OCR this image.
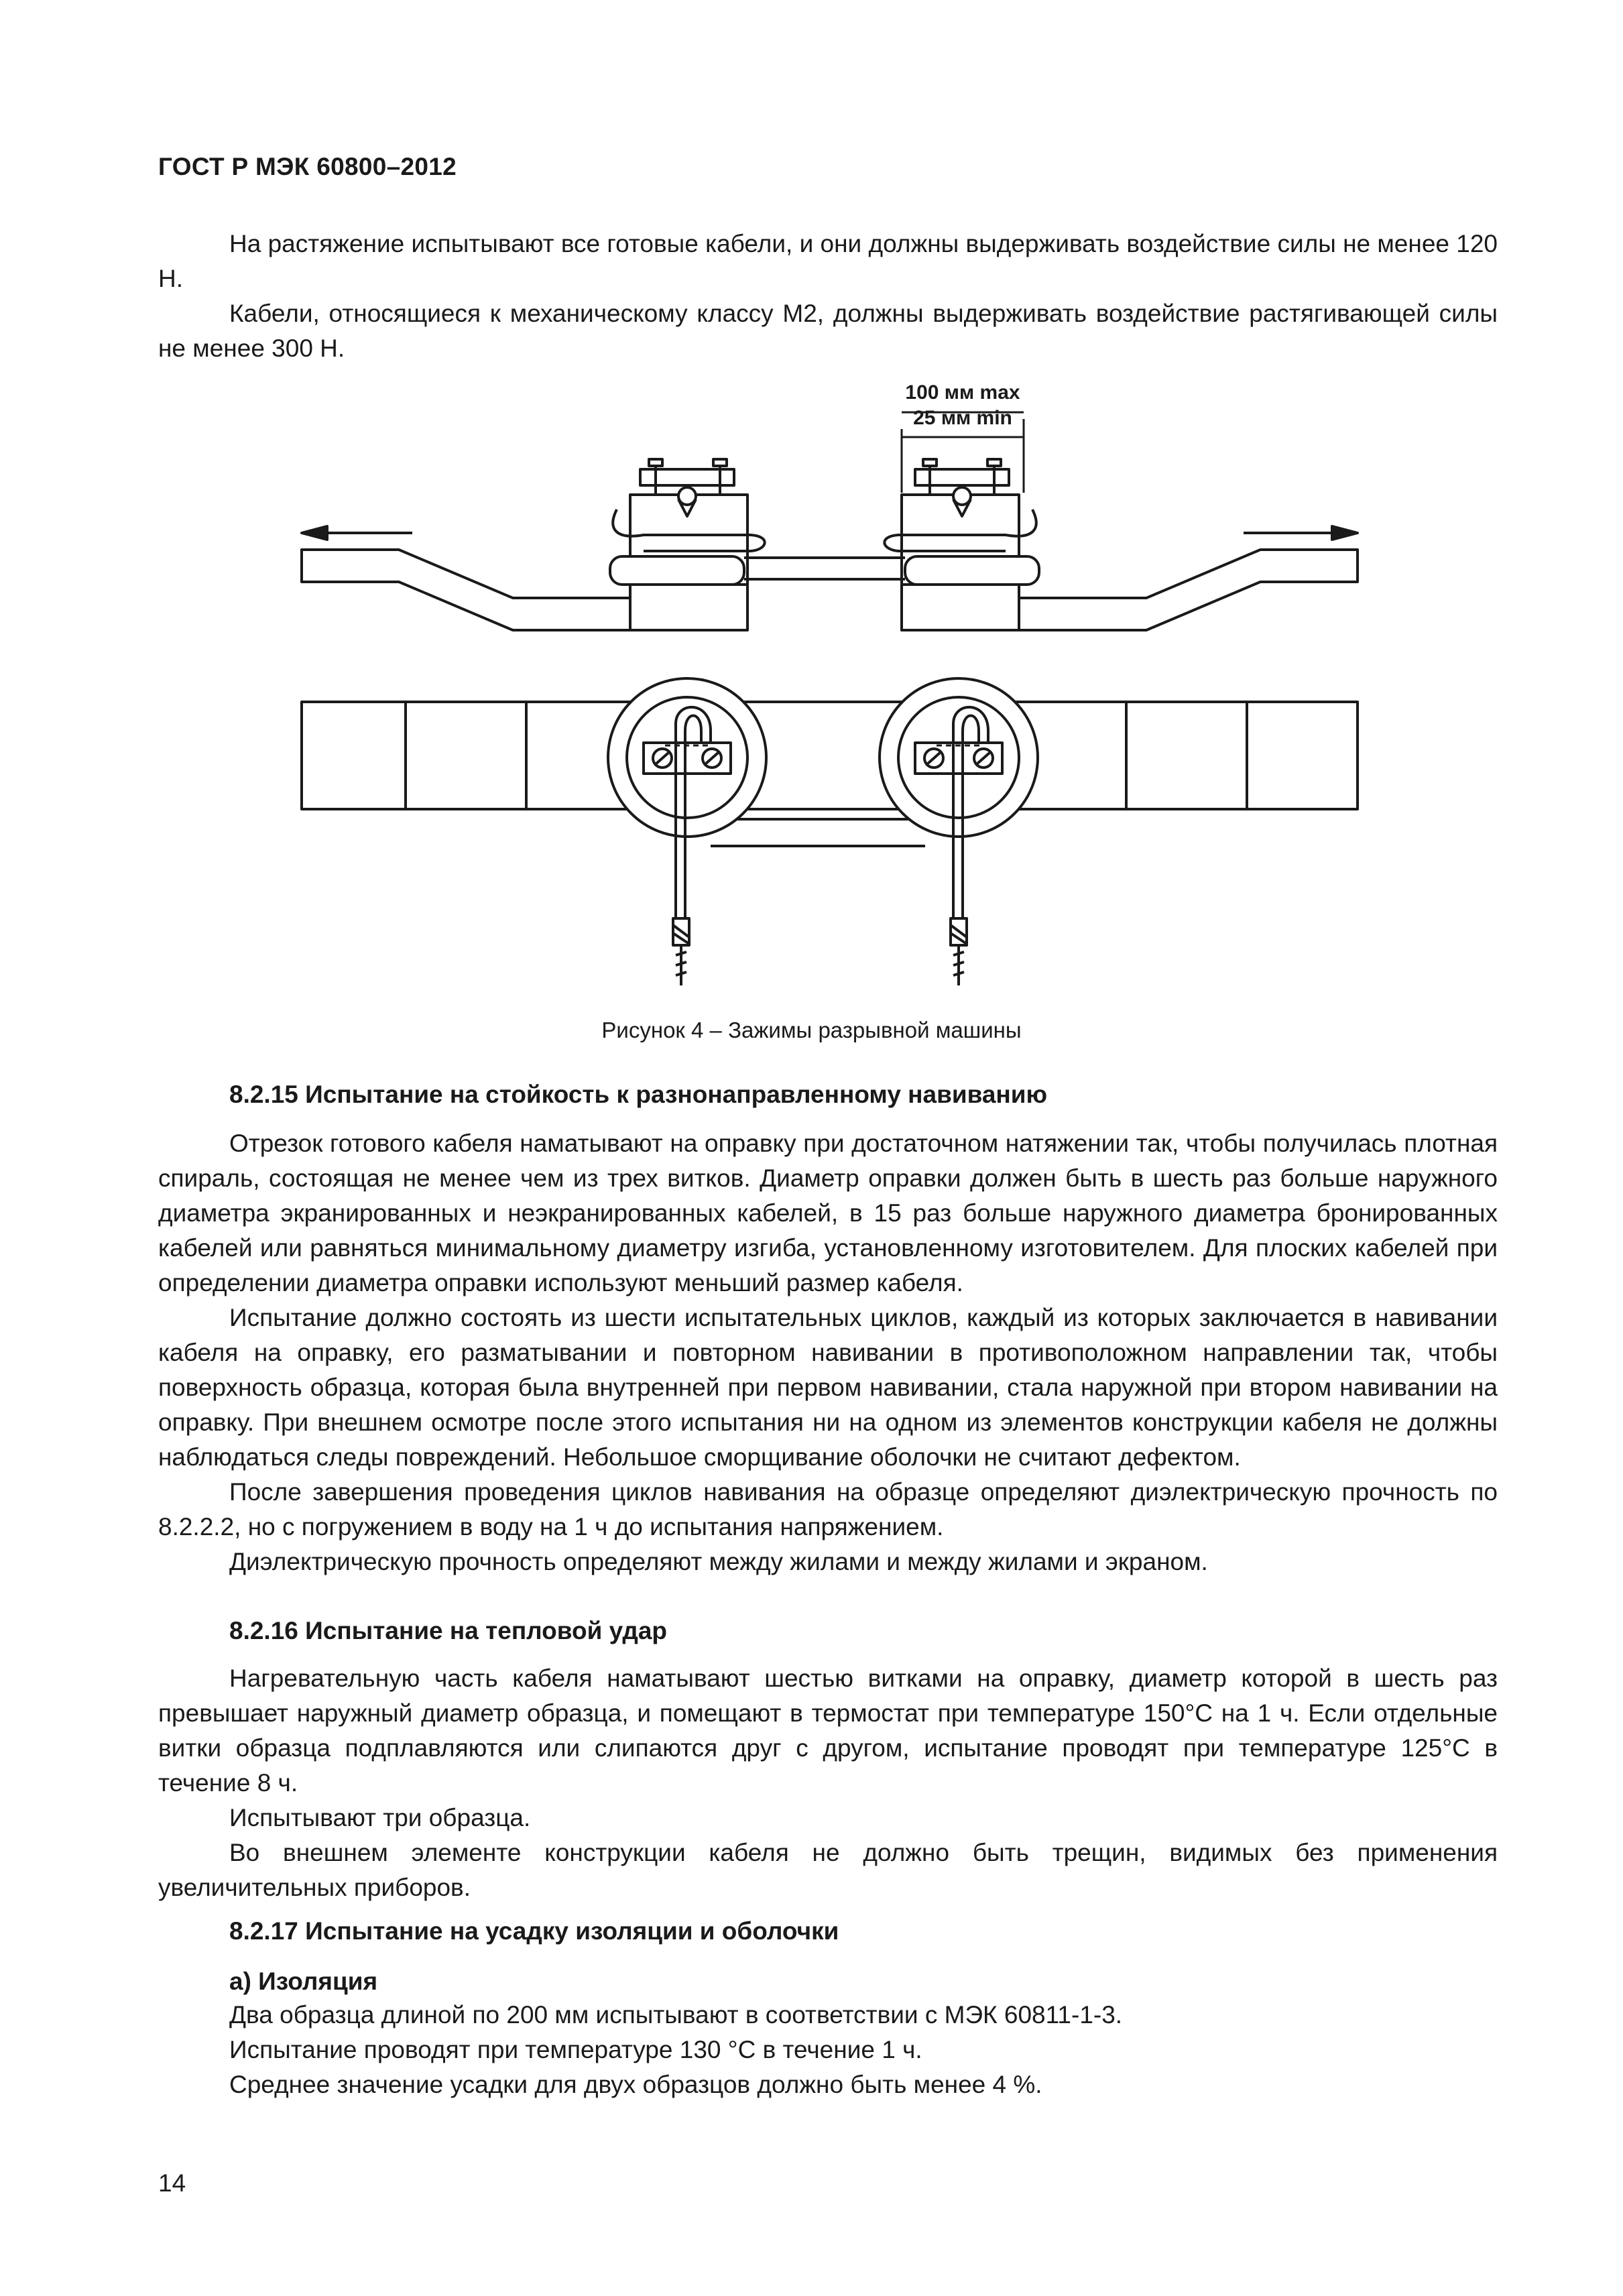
ГОСТ Р МЭК 60800–2012

На растяжение испытывают все готовые кабели, и они должны выдерживать воздействие силы не менее 120 Н.

Кабели, относящиеся к механическому классу М2, должны выдерживать воздействие растягивающей силы не менее 300 Н.

100 мм max
25 мм min
Рисунок 4 – Зажимы разрывной машины
8.2.15 Испытание на стойкость к разнонаправленному навиванию

Отрезок готового кабеля наматывают на оправку при достаточном натяжении так, чтобы получилась плотная спираль, состоящая не менее чем из трех витков. Диаметр оправки должен быть в шесть раз больше наружного диаметра экранированных и неэкранированных кабелей, в 15 раз больше наружного диаметра бронированных кабелей или равняться минимальному диаметру изгиба, установленному изготовителем. Для плоских кабелей при определении диаметра оправки используют меньший размер кабеля.

Испытание должно состоять из шести испытательных циклов, каждый из которых заключается в навивании кабеля на оправку, его разматывании и повторном навивании в противоположном направлении так, чтобы поверхность образца, которая была внутренней при первом навивании, стала наружной при втором навивании на оправку. При внешнем осмотре после этого испытания ни на одном из элементов конструкции кабеля не должны наблюдаться следы повреждений. Небольшое сморщивание оболочки не считают дефектом.

После завершения проведения циклов навивания на образце определяют диэлектрическую прочность по 8.2.2.2, но с погружением в воду на 1 ч до испытания напряжением.

Диэлектрическую прочность определяют между жилами и между жилами и экраном.

8.2.16 Испытание на тепловой удар

Нагревательную часть кабеля наматывают шестью витками на оправку, диаметр которой в шесть раз превышает наружный диаметр образца, и помещают в термостат при температуре 150°С на 1 ч. Если отдельные витки образца подплавляются или слипаются друг с другом, испытание проводят при температуре 125°С в течение 8 ч.

Испытывают три образца.

Во внешнем элементе конструкции кабеля не должно быть трещин, видимых без применения увеличительных приборов.

8.2.17 Испытание на усадку изоляции и оболочки
а) Изоляция

Два образца длиной по 200 мм испытывают в соответствии с МЭК 60811-1-3.

Испытание проводят при температуре 130 °С в течение 1 ч.

Среднее значение усадки для двух образцов должно быть менее 4 %.

14
